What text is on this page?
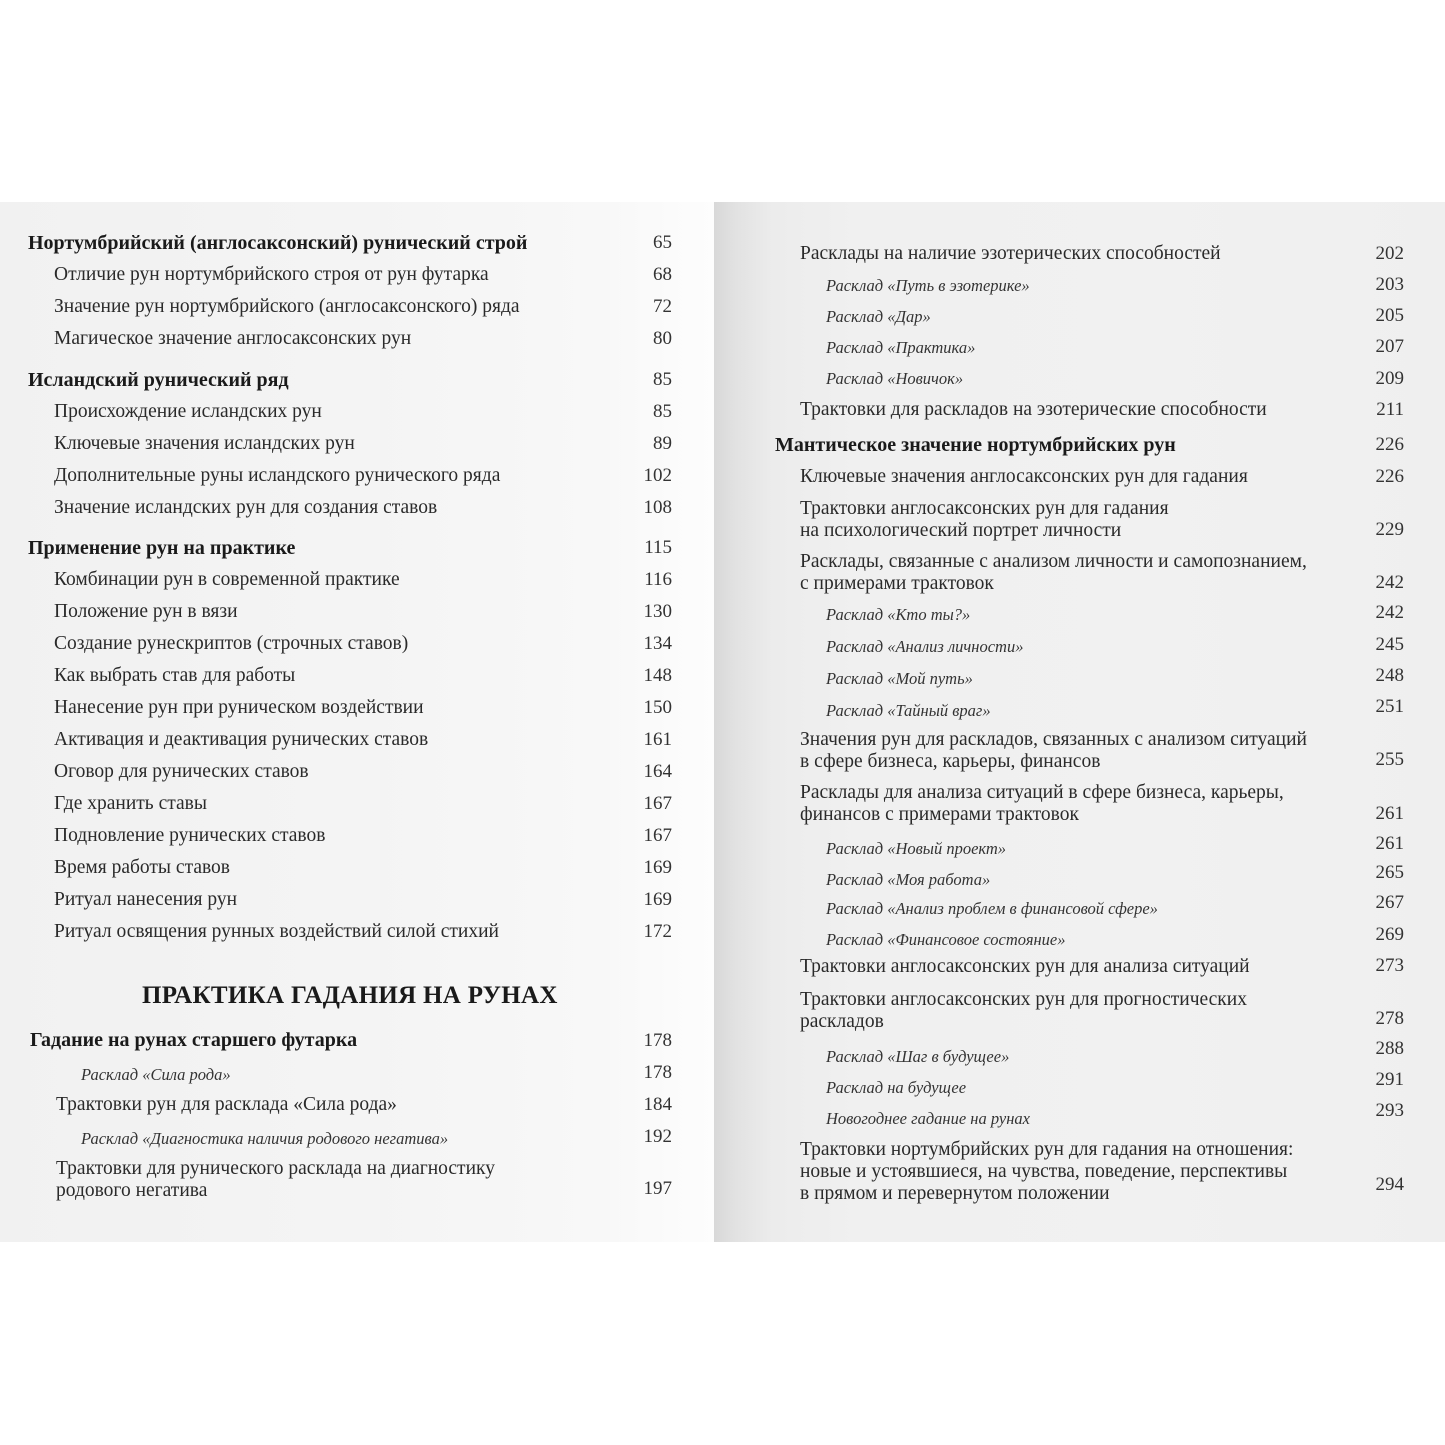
Нортумбрийский (англосаксонский) рунический строй	65
Отличие рун нортумбрийского строя от рун футарка	68
Значение рун нортумбрийского (англосаксонского) ряда	72
Магическое значение англосаксонских рун	80
Исландский рунический ряд	85
Происхождение исландских рун	85
Ключевые значения исландских рун	89
Дополнительные руны исландского рунического ряда	102
Значение исландских рун для создания ставов	108
Применение рун на практике	115
Комбинации рун в современной практике	116
Положение рун в вязи	130
Создание рунескриптов (строчных ставов)	134
Как выбрать став для работы	148
Нанесение рун при руническом воздействии	150
Активация и деактивация рунических ставов	161
Оговор для рунических ставов	164
Где хранить ставы	167
Подновление рунических ставов	167
Время работы ставов	169
Ритуал нанесения рун	169
Ритуал освящения рунных воздействий силой стихий	172
ПРАКТИКА ГАДАНИЯ НА РУНАХ
Гадание на рунах старшего футарка	178
Расклад «Сила рода»	178
Трактовки рун для расклада «Сила рода»	184
Расклад «Диагностика наличия родового негатива»	192
Трактовки для рунического расклада на диагностику
родового негатива	197
Расклады на наличие эзотерических способностей	202
Расклад «Путь в эзотерике»	203
Расклад «Дар»	205
Расклад «Практика»	207
Расклад «Новичок»	209
Трактовки для раскладов на эзотерические способности	211
Мантическое значение нортумбрийских рун	226
Ключевые значения англосаксонских рун для гадания	226
Трактовки англосаксонских рун для гадания
на психологический портрет личности	229
Расклады, связанные с анализом личности и самопознанием,
с примерами трактовок	242
Расклад «Кто ты?»	242
Расклад «Анализ личности»	245
Расклад «Мой путь»	248
Расклад «Тайный враг»	251
Значения рун для раскладов, связанных с анализом ситуаций
в сфере бизнеса, карьеры, финансов	255
Расклады для анализа ситуаций в сфере бизнеса, карьеры,
финансов с примерами трактовок	261
Расклад «Новый проект»	261
Расклад «Моя работа»	265
Расклад «Анализ проблем в финансовой сфере»	267
Расклад «Финансовое состояние»	269
Трактовки англосаксонских рун для анализа ситуаций	273
Трактовки англосаксонских рун для прогностических
раскладов	278
Расклад «Шаг в будущее»	288
Расклад на будущее	291
Новогоднее гадание на рунах	293
Трактовки нортумбрийских рун для гадания на отношения:
новые и устоявшиеся, на чувства, поведение, перспективы
в прямом и перевернутом положении	294
